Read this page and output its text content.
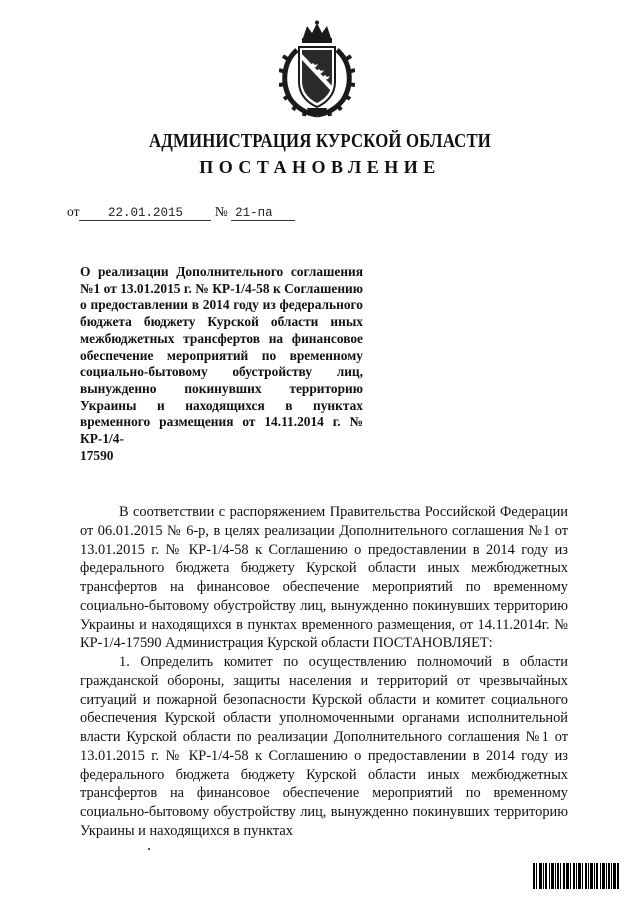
АДМИНИСТРАЦИЯ КУРСКОЙ ОБЛАСТИ
ПОСТАНОВЛЕНИЕ
от 22.01.2015 № 21-па
О реализации Дополнительного соглашения №1 от 13.01.2015 г. № КР-1/4-58 к Соглашению о предоставлении в 2014 году из федерального бюджета бюджету Курской области иных межбюджетных трансфертов на финансовое обеспечение мероприятий по временному социально-бытовому обустройству лиц, вынужденно покинувших территорию Украины и находящихся в пунктах временного размещения от 14.11.2014 г. № КР-1/4-
17590

В соответствии с распоряжением Правительства Российской Федерации от 06.01.2015 № 6-р, в целях реализации Дополнительного соглашения №1 от 13.01.2015 г. № КР-1/4-58 к Соглашению о предоставлении в 2014 году из федерального бюджета бюджету Курской области иных межбюджетных трансфертов на финансовое обеспечение мероприятий по временному социально-бытовому обустройству лиц, вынужденно покинувших территорию Украины и находящихся в пунктах временного размещения, от 14.11.2014г. № КР-1/4-17590 Администрация Курской области ПОСТАНОВЛЯЕТ:

1. Определить комитет по осуществлению полномочий в области гражданской обороны, защиты населения и территорий от чрезвычайных ситуаций и пожарной безопасности Курской области и комитет социального обеспечения Курской области уполномоченными органами исполнительной власти Курской области по реализации Дополнительного соглашения №1 от 13.01.2015 г. № КР-1/4-58 к Соглашению о предоставлении в 2014 году из федерального бюджета бюджету Курской области иных межбюджетных трансфертов на финансовое обеспечение мероприятий по временному социально-бытовому обустройству лиц, вынужденно покинувших территорию Украины и находящихся в пунктах
